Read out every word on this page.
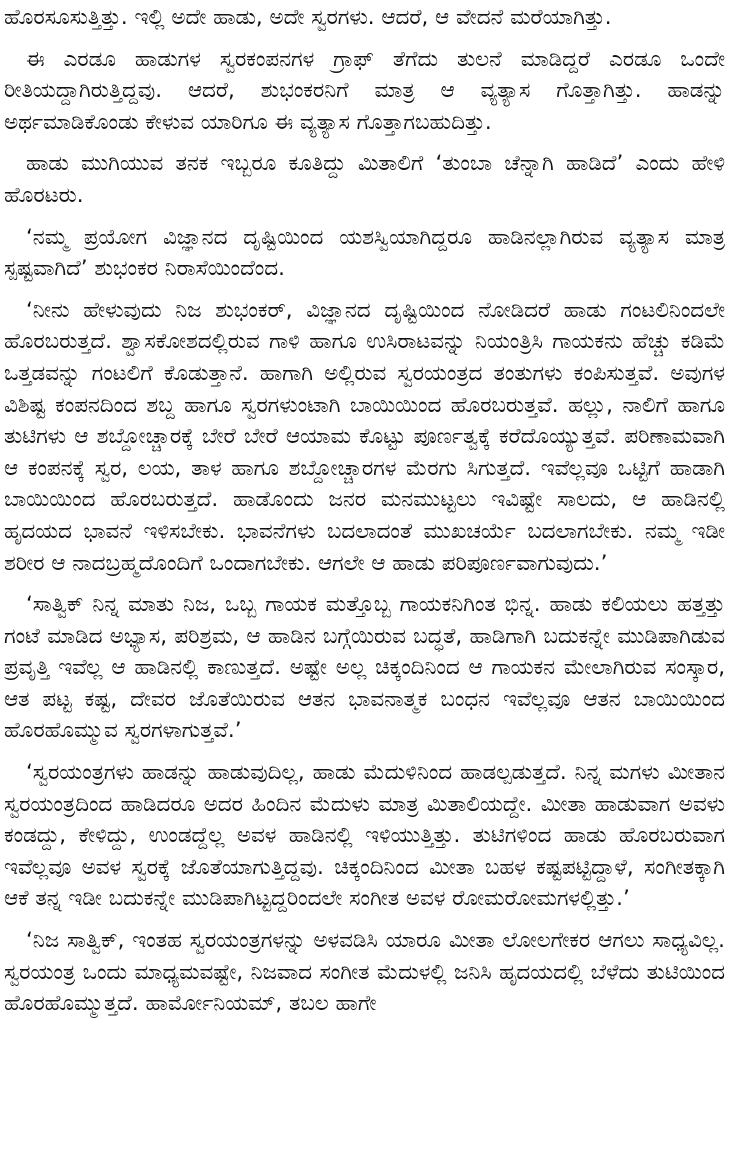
ಹೊರಸೂಸುತ್ತಿತ್ತು. ಇಲ್ಲಿ ಅದೇ ಹಾಡು, ಅದೇ ಸ್ವರಗಳು. ಆದರೆ, ಆ ವೇದನೆ ಮರೆಯಾಗಿತ್ತು.

ಈ ಎರಡೂ ಹಾಡುಗಳ ಸ್ವರಕಂಪನಗಳ ಗ್ರಾಫ್ ತೆಗೆದು ತುಲನೆ ಮಾಡಿದ್ದರೆ ಎರಡೂ ಒಂದೇ ರೀತಿಯದ್ದಾಗಿರುತ್ತಿದ್ದವು. ಆದರೆ, ಶುಭಂಕರನಿಗೆ ಮಾತ್ರ ಆ ವ್ಯತ್ಯಾಸ ಗೊತ್ತಾಗಿತ್ತು. ಹಾಡನ್ನು ಅರ್ಥಮಾಡಿಕೊಂಡು ಕೇಳುವ ಯಾರಿಗೂ ಈ ವ್ಯತ್ಯಾಸ ಗೊತ್ತಾಗಬಹುದಿತ್ತು.

ಹಾಡು ಮುಗಿಯುವ ತನಕ ಇಬ್ಬರೂ ಕೂತಿದ್ದು ಮಿತಾಲಿಗೆ ‘ತುಂಬಾ ಚೆನ್ನಾಗಿ ಹಾಡಿದೆ’ ಎಂದು ಹೇಳಿ ಹೊರಟರು.

‘ನಮ್ಮ ಪ್ರಯೋಗ ವಿಜ್ಞಾನದ ದೃಷ್ಟಿಯಿಂದ ಯಶಸ್ವಿಯಾಗಿದ್ದರೂ ಹಾಡಿನಲ್ಲಾಗಿರುವ ವ್ಯತ್ಯಾಸ ಮಾತ್ರ ಸ್ಪಷ್ಟವಾಗಿದೆ’ ಶುಭಂಕರ ನಿರಾಸೆಯಿಂದೆಂದ.

‘ನೀನು ಹೇಳುವುದು ನಿಜ ಶುಭಂಕರ್, ವಿಜ್ಞಾನದ ದೃಷ್ಟಿಯಿಂದ ನೋಡಿದರೆ ಹಾಡು ಗಂಟಲಿನಿಂದಲೇ ಹೊರಬರುತ್ತದೆ. ಶ್ವಾಸಕೋಶದಲ್ಲಿರುವ ಗಾಳಿ ಹಾಗೂ ಉಸಿರಾಟವನ್ನು ನಿಯಂತ್ರಿಸಿ ಗಾಯಕನು ಹೆಚ್ಚು ಕಡಿಮೆ ಒತ್ತಡವನ್ನು ಗಂಟಲಿಗೆ ಕೊಡುತ್ತಾನೆ. ಹಾಗಾಗಿ ಅಲ್ಲಿರುವ ಸ್ವರಯಂತ್ರದ ತಂತುಗಳು ಕಂಪಿಸುತ್ತವೆ. ಅವುಗಳ ವಿಶಿಷ್ಟ ಕಂಪನದಿಂದ ಶಬ್ದ ಹಾಗೂ ಸ್ವರಗಳುಂಟಾಗಿ ಬಾಯಿಯಿಂದ ಹೊರಬರುತ್ತವೆ. ಹಲ್ಲು, ನಾಲಿಗೆ ಹಾಗೂ ತುಟಿಗಳು ಆ ಶಬ್ದೋಚ್ಚಾರಕ್ಕೆ ಬೇರೆ ಬೇರೆ ಆಯಾಮ ಕೊಟ್ಟು ಪೂರ್ಣತ್ವಕ್ಕೆ ಕರೆದೊಯ್ಯುತ್ತವೆ. ಪರಿಣಾಮವಾಗಿ ಆ ಕಂಪನಕ್ಕೆ ಸ್ವರ, ಲಯ, ತಾಳ ಹಾಗೂ ಶಬ್ದೋಚ್ಚಾರಗಳ ಮೆರಗು ಸಿಗುತ್ತದೆ. ಇವೆಲ್ಲವೂ ಒಟ್ಟಿಗೆ ಹಾಡಾಗಿ ಬಾಯಿಯಿಂದ ಹೊರಬರುತ್ತದೆ. ಹಾಡೊಂದು ಜನರ ಮನಮುಟ್ಟಲು ಇವಿಷ್ಟೇ ಸಾಲದು, ಆ ಹಾಡಿನಲ್ಲಿ ಹೃದಯದ ಭಾವನೆ ಇಳಿಸಬೇಕು. ಭಾವನೆಗಳು ಬದಲಾದಂತೆ ಮುಖಚರ್ಯೆ ಬದಲಾಗಬೇಕು. ನಮ್ಮ ಇಡೀ ಶರೀರ ಆ ನಾದಬ್ರಹ್ಮದೊಂದಿಗೆ ಒಂದಾಗಬೇಕು. ಆಗಲೇ ಆ ಹಾಡು ಪರಿಪೂರ್ಣವಾಗುವುದು.’

‘ಸಾತ್ವಿಕ್ ನಿನ್ನ ಮಾತು ನಿಜ, ಒಬ್ಬ ಗಾಯಕ ಮತ್ತೊಬ್ಬ ಗಾಯಕನಿಗಿಂತ ಭಿನ್ನ. ಹಾಡು ಕಲಿಯಲು ಹತ್ತತ್ತು ಗಂಟೆ ಮಾಡಿದ ಅಭ್ಯಾಸ, ಪರಿಶ್ರಮ, ಆ ಹಾಡಿನ ಬಗ್ಗೆಯಿರುವ ಬದ್ಧತೆ, ಹಾಡಿಗಾಗಿ ಬದುಕನ್ನೇ ಮುಡಿಪಾಗಿಡುವ ಪ್ರವೃತ್ತಿ ಇವೆಲ್ಲ ಆ ಹಾಡಿನಲ್ಲಿ ಕಾಣುತ್ತದೆ. ಅಷ್ಟೇ ಅಲ್ಲ ಚಿಕ್ಕಂದಿನಿಂದ ಆ ಗಾಯಕನ ಮೇಲಾಗಿರುವ ಸಂಸ್ಕಾರ, ಆತ ಪಟ್ಟ ಕಷ್ಟ, ದೇವರ ಜೊತೆಯಿರುವ ಆತನ ಭಾವನಾತ್ಮಕ ಬಂಧನ ಇವೆಲ್ಲವೂ ಆತನ ಬಾಯಿಯಿಂದ ಹೊರಹೊಮ್ಮುವ ಸ್ವರಗಳಾಗುತ್ತವೆ.’

‘ಸ್ವರಯಂತ್ರಗಳು ಹಾಡನ್ನು ಹಾಡುವುದಿಲ್ಲ, ಹಾಡು ಮೆದುಳಿನಿಂದ ಹಾಡಲ್ಪಡುತ್ತದೆ. ನಿನ್ನ ಮಗಳು ಮೀತಾನ ಸ್ವರಯಂತ್ರದಿಂದ ಹಾಡಿದರೂ ಅದರ ಹಿಂದಿನ ಮೆದುಳು ಮಾತ್ರ ಮಿತಾಲಿಯದ್ದೇ. ಮೀತಾ ಹಾಡುವಾಗ ಅವಳು ಕಂಡದ್ದು, ಕೇಳಿದ್ದು, ಉಂಡದ್ದೆಲ್ಲ ಅವಳ ಹಾಡಿನಲ್ಲಿ ಇಳಿಯುತ್ತಿತ್ತು. ತುಟಿಗಳಿಂದ ಹಾಡು ಹೊರಬರುವಾಗ ಇವೆಲ್ಲವೂ ಅವಳ ಸ್ವರಕ್ಕೆ ಜೊತೆಯಾಗುತ್ತಿದ್ದವು. ಚಿಕ್ಕಂದಿನಿಂದ ಮೀತಾ ಬಹಳ ಕಷ್ಟಪಟ್ಟಿದ್ದಾಳೆ, ಸಂಗೀತಕ್ಕಾಗಿ ಆಕೆ ತನ್ನ ಇಡೀ ಬದುಕನ್ನೇ ಮುಡಿಪಾಗಿಟ್ಟದ್ದರಿಂದಲೇ ಸಂಗೀತ ಅವಳ ರೋಮರೋಮಗಳಲ್ಲಿತ್ತು.’

‘ನಿಜ ಸಾತ್ವಿಕ್, ಇಂತಹ ಸ್ವರಯಂತ್ರಗಳನ್ನು ಅಳವಡಿಸಿ ಯಾರೂ ಮೀತಾ ಲೋಲಗೇಕರ ಆಗಲು ಸಾಧ್ಯವಿಲ್ಲ. ಸ್ವರಯಂತ್ರ ಒಂದು ಮಾಧ್ಯಮವಷ್ಟೇ, ನಿಜವಾದ ಸಂಗೀತ ಮೆದುಳಲ್ಲಿ ಜನಿಸಿ ಹೃದಯದಲ್ಲಿ ಬೆಳೆದು ತುಟಿಯಿಂದ ಹೊರಹೊಮ್ಮುತ್ತದೆ. ಹಾರ್ಮೋನಿಯಮ್, ತಬಲ ಹಾಗೇ
